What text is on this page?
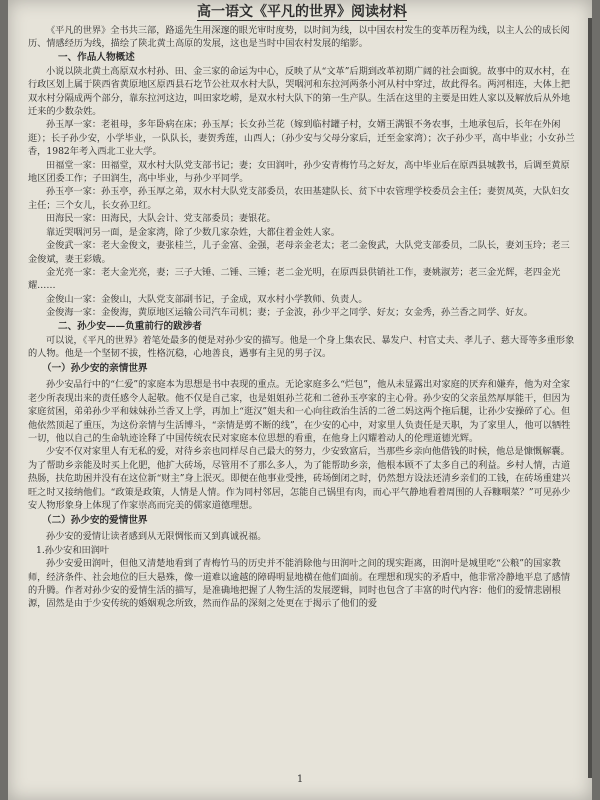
高一语文《平凡的世界》阅读材料

《平凡的世界》全书共三部，路遥先生用深邃的眼光审时度势，以时间为线，以中国农村发生的变革历程为线，以主人公的成长阅历、情感经历为线，描绘了陕北黄土高原的发展，这也是当时中国农村发展的缩影。

一、作品人物概述

小说以陕北黄土高原双水村孙、田、金三家的命运为中心，反映了从“文革”后期到改革初期广阔的社会面貌。故事中的双水村，在行政区划上属于陕西省黄原地区原西县石圪节公社双水村大队，哭咽河和东拉河两条小河从村中穿过，故此得名。两河相连，大体上把双水村分隔成两个部分，靠东拉河这边，叫田家圪崂，是双水村大队下的第一生产队。生活在这里的主要是田姓人家以及解放后从外地迁来的少数杂姓。

孙玉厚一家：老祖母，多年卧病在床；孙玉厚；长女孙兰花（嫁到临村罐子村，女婿王满银不务农事，土地承包后，长年在外闲逛）；长子孙少安，小学毕业，一队队长，妻贺秀莲，山西人；（孙少安与父母分家后，迁至金家湾）；次子孙少平，高中毕业；小女孙兰香，1982年考入西北工业大学。

田福堂一家：田福堂，双水村大队党支部书记；妻；女田润叶，孙少安青梅竹马之好友，高中毕业后在原西县城教书，后调至黄原地区团委工作；子田润生，高中毕业，与孙少平同学。

孙玉亭一家：孙玉亭，孙玉厚之弟，双水村大队党支部委员，农田基建队长、贫下中农管理学校委员会主任；妻贺凤英，大队妇女主任；三个女儿，长女孙卫红。

田海民一家：田海民，大队会计、党支部委员；妻银花。

靠近哭咽河另一面，是金家湾，除了少数几家杂姓，大都住着金姓人家。

金俊武一家：老大金俊文，妻张桂兰，儿子金富、金强，老母亲金老太；老二金俊武，大队党支部委员，二队长，妻刘玉玲；老三金俊斌，妻王彩娥。

金光亮一家：老大金光亮，妻；三子大锤、二锤、三锤；老二金光明，在原西县供销社工作，妻姚淑芳；老三金光辉，老四金光耀……

金俊山一家：金俊山，大队党支部副书记，子金成，双水村小学教师、负责人。

金俊海一家：金俊海，黄原地区运输公司汽车司机；妻；子金波，孙少平之同学、好友；女金秀，孙兰香之同学、好友。

二、孙少安——负重前行的跋涉者

可以说，《平凡的世界》着笔处最多的便是对孙少安的描写。他是一个身上集农民、暴发户、村官丈夫、孝儿子、慈大哥等多重形象的人物。他是一个坚韧不拔，性格沉稳，心地善良，遇事有主见的男子汉。

（一）孙少安的亲情世界

孙少安品行中的“仁爱”的家庭本为思想是书中表现的重点。无论家庭多么“烂包”，他从未显露出对家庭的厌弃和嫌弃，他为对全家老少所表现出来的责任感令人起敬。他不仅是自己家，也是姐姐孙兰花和二爸孙玉亭家的主心骨。孙少安的父亲虽然厚厚能干，但因为家庭贫困，弟弟孙少平和妹妹孙兰香又上学，再加上“逛汉”姐夫和一心向往政治生活的二爸二妈这两个拖后腿，让孙少安操碎了心。但他依然顶起了重压，为这份亲情与生活博斗，“亲情是剪不断的线”，在少安的心中，对家里人负责任是天职，为了家里人，他可以牺牲一切，他以自己的生命轨迹诠释了中国传统农民对家庭本位思想的看重，在他身上闪耀着动人的伦理道德光辉。

少安不仅对家里人有无私的爱，对待乡亲也同样尽自己最大的努力，少安致富后，当那些乡亲向他借钱的时候，他总是慷慨解囊。为了帮助乡亲能及时买上化肥，他扩大砖场，尽管用不了那么多人，为了能帮助乡亲，他根本顾不了太多自己的利益。乡村人情，古道热肠，扶危助困并没有在这位新“财主”身上泯灭。即便在他事业受挫，砖场倒闭之时，仍然想方设法还清乡亲们的工钱，在砖场重建兴旺之时又接纳他们。“政策是政策，人情是人情。作为同村邻居，怎能自己锅里有肉，而心平气静地看着周围的人吞糠咽菜？”可见孙少安人物形象身上体现了作家崇高而完美的儒家道德理想。

（二）孙少安的爱情世界

孙少安的爱情让读者感到从无限惆怅而又到真诚祝福。

1.孙少安和田润叶

孙少安爱田润叶，但他又清楚地看到了青梅竹马的历史并不能消除他与田润叶之间的现实距离，田润叶是城里吃“公粮”的国家教师，经济条件、社会地位的巨大悬殊，像一道难以逾越的障碍明显地横在他们面前。在理想和现实的矛盾中，他非常冷静地平息了感情的升腾。作者对孙少安的爱情生活的描写，是准确地把握了人物生活的发展逻辑，同时也包含了丰富的时代内容：他们的爱情悲剧根源，固然是由于少安传统的婚姻观念所致，然而作品的深刻之处更在于揭示了他们的爱

1
